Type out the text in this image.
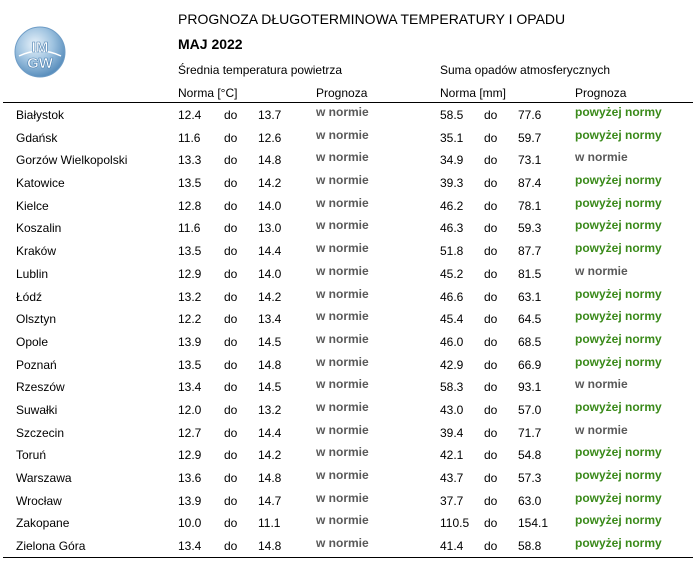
IM
GW
PROGNOZA DŁUGOTERMINOWA TEMPERATURY I OPADU
MAJ 2022
Średnia temperatura powietrza	Suma opadów atmosferycznych
Norma [°C]	Prognoza	Norma [mm]	Prognoza
Białystok	12.4 do 13.7	w normie	58.5 do 77.6	powyżej normy
Gdańsk	11.6 do 12.6	w normie	35.1 do 59.7	powyżej normy
Gorzów Wielkopolski	13.3 do 14.8	w normie	34.9 do 73.1	w normie
Katowice	13.5 do 14.2	w normie	39.3 do 87.4	powyżej normy
Kielce	12.8 do 14.0	w normie	46.2 do 78.1	powyżej normy
Koszalin	11.6 do 13.0	w normie	46.3 do 59.3	powyżej normy
Kraków	13.5 do 14.4	w normie	51.8 do 87.7	powyżej normy
Lublin	12.9 do 14.0	w normie	45.2 do 81.5	w normie
Łódź	13.2 do 14.2	w normie	46.6 do 63.1	powyżej normy
Olsztyn	12.2 do 13.4	w normie	45.4 do 64.5	powyżej normy
Opole	13.9 do 14.5	w normie	46.0 do 68.5	powyżej normy
Poznań	13.5 do 14.8	w normie	42.9 do 66.9	powyżej normy
Rzeszów	13.4 do 14.5	w normie	58.3 do 93.1	w normie
Suwałki	12.0 do 13.2	w normie	43.0 do 57.0	powyżej normy
Szczecin	12.7 do 14.4	w normie	39.4 do 71.7	w normie
Toruń	12.9 do 14.2	w normie	42.1 do 54.8	powyżej normy
Warszawa	13.6 do 14.8	w normie	43.7 do 57.3	powyżej normy
Wrocław	13.9 do 14.7	w normie	37.7 do 63.0	powyżej normy
Zakopane	10.0 do 11.1	w normie	110.5 do 154.1 powyżej normy
Zielona Góra	13.4 do 14.8	w normie	41.4 do 58.8	powyżej normy
